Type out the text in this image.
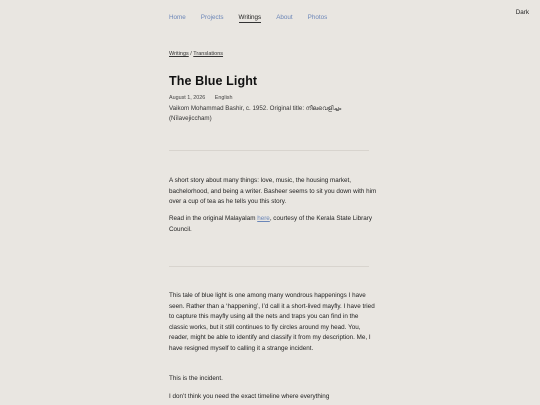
Home Projects Writings About Photos
Dark
Writings / Translations
The Blue Light
August 1, 2026 English
Vaikom Mohammad Bashir, c. 1952. Original title: നീലവെളിച്ചം (Nīlavejiccham)
A short story about many things: love, music, the housing market, bachelorhood, and being a writer. Basheer seems to sit you down with him over a cup of tea as he tells you this story.
Read in the original Malayalam here, courtesy of the Kerala State Library Council.
This tale of blue light is one among many wondrous happenings I have seen. Rather than a ‘happening’, I’d call it a short-lived mayfly. I have tried to capture this mayfly using all the nets and traps you can find in the classic works, but it still continues to fly circles around my head. You, reader, might be able to identify and classify it from my description. Me, I have resigned myself to calling it a strange incident.
This is the incident.
I don’t think you need the exact timeline where everything
